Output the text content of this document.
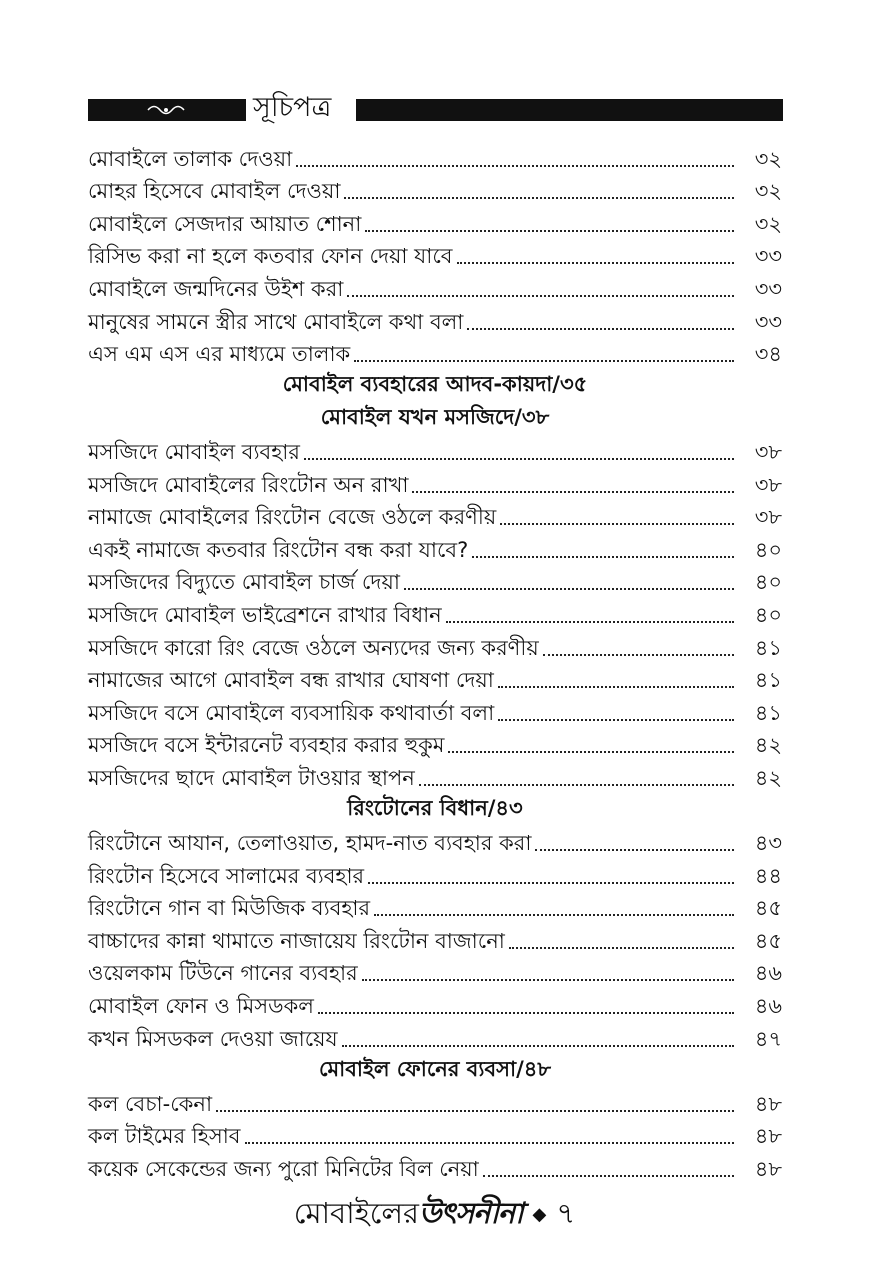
সূচিপত্র
মোবাইলে তালাক দেওয়া	৩২
মোহর হিসেবে মোবাইল দেওয়া	৩২
মোবাইলে সেজদার আয়াত শোনা	৩২
রিসিভ করা না হলে কতবার ফোন দেয়া যাবে	৩৩
মোবাইলে জন্মদিনের উইশ করা	৩৩
মানুষের সামনে স্ত্রীর সাথে মোবাইলে কথা বলা	৩৩
এস এম এস এর মাধ্যমে তালাক	৩৪
মোবাইল ব্যবহারের আদব-কায়দা/৩৫
মোবাইল যখন মসজিদে/৩৮
মসজিদে মোবাইল ব্যবহার	৩৮
মসজিদে মোবাইলের রিংটোন অন রাখা	৩৮
নামাজে মোবাইলের রিংটোন বেজে ওঠলে করণীয়	৩৮
একই নামাজে কতবার রিংটোন বন্ধ করা যাবে?	৪০
মসজিদের বিদ্যুতে মোবাইল চার্জ দেয়া	৪০
মসজিদে মোবাইল ভাইব্রেশনে রাখার বিধান	৪০
মসজিদে কারো রিং বেজে ওঠলে অন্যদের জন্য করণীয়	৪১
নামাজের আগে মোবাইল বন্ধ রাখার ঘোষণা দেয়া	৪১
মসজিদে বসে মোবাইলে ব্যবসায়িক কথাবার্তা বলা	৪১
মসজিদে বসে ইন্টারনেট ব্যবহার করার হুকুম	৪২
মসজিদের ছাদে মোবাইল টাওয়ার স্থাপন	৪২
রিংটোনের বিধান/৪৩
রিংটোনে আযান, তেলাওয়াত, হামদ-নাত ব্যবহার করা	৪৩
রিংটোন হিসেবে সালামের ব্যবহার	৪৪
রিংটোনে গান বা মিউজিক ব্যবহার	৪৫
বাচ্চাদের কান্না থামাতে নাজায়েয রিংটোন বাজানো	৪৫
ওয়েলকাম টিউনে গানের ব্যবহার	৪৬
মোবাইল ফোন ও মিসডকল	৪৬
কখন মিসডকল দেওয়া জায়েয	৪৭
মোবাইল ফোনের ব্যবসা/৪৮
কল বেচা-কেনা	৪৮
কল টাইমের হিসাব	৪৮
কয়েক সেকেন্ডের জন্য পুরো মিনিটের বিল নেয়া	৪৮
মোবাইলেরউৎসনীনা ◆ ৭
